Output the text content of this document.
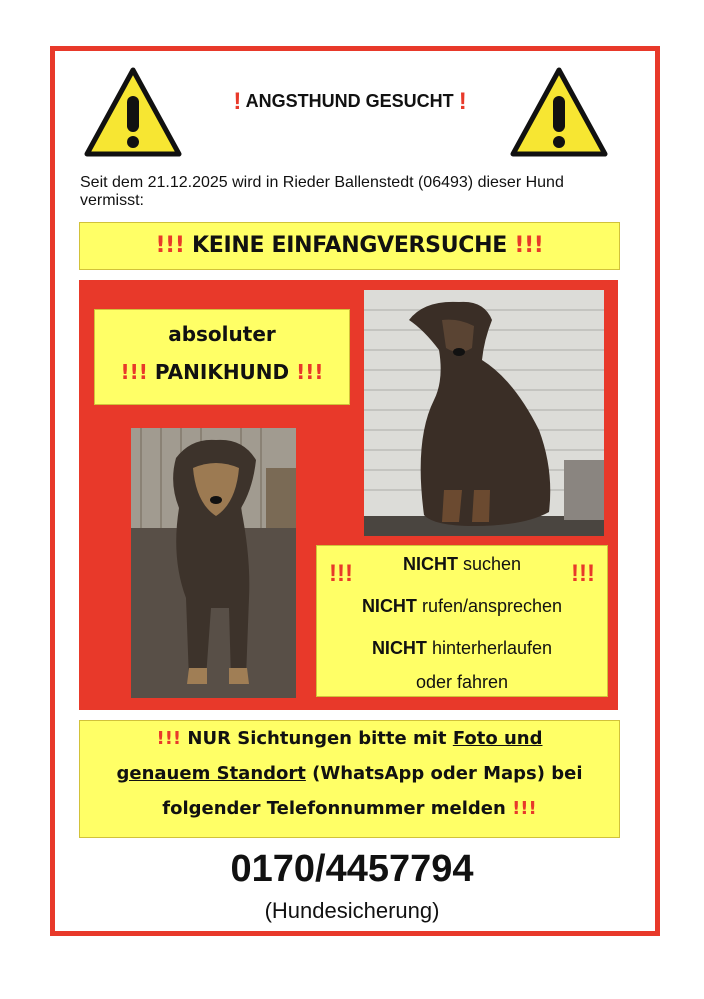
! ANGSTHUND GESUCHT !
Seit dem 21.12.2025 wird in Rieder Ballenstedt (06493) dieser Hund vermisst:
!!! KEINE EINFANGVERSUCHE !!!
absoluter
!!! PANIKHUND !!!
!!!	!!!
NICHT suchen
NICHT rufen/ansprechen
NICHT hinterherlaufen
oder fahren
!!! NUR Sichtungen bitte mit Foto und
genauem Standort (WhatsApp oder Maps) bei
folgender Telefonnummer melden !!!
0170/4457794
(Hundesicherung)
